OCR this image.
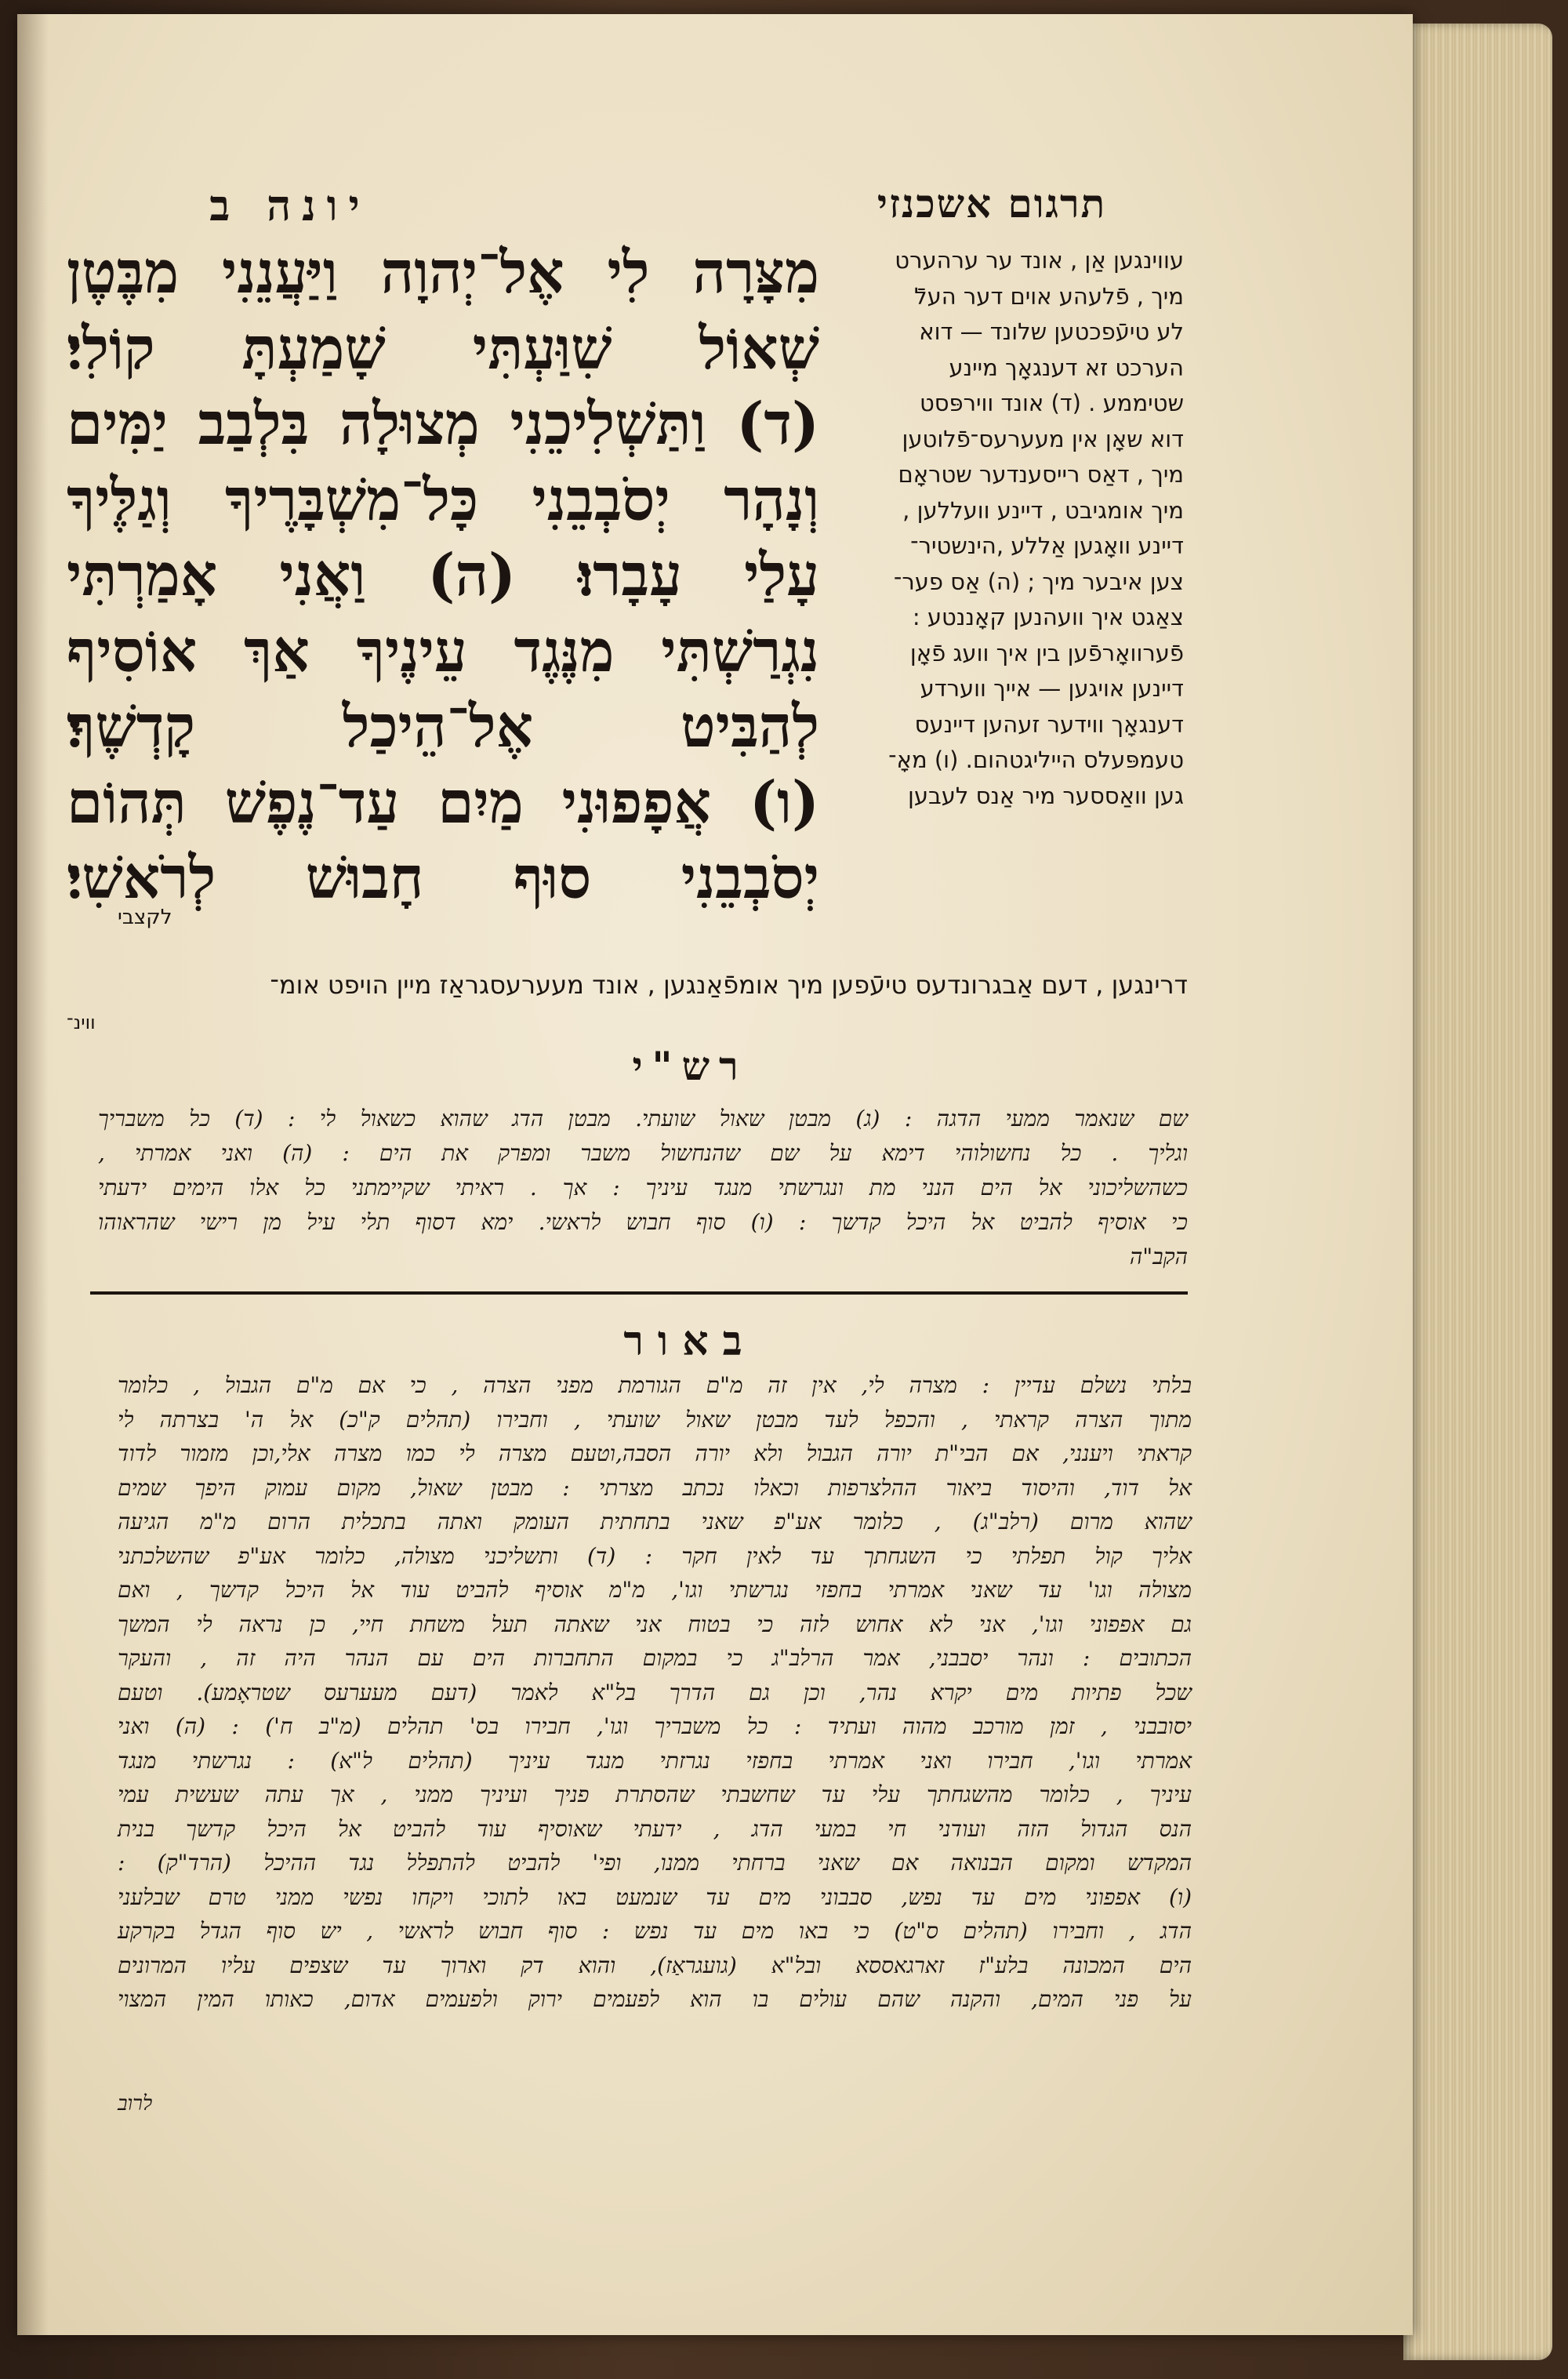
תרגום אשכנזי
יונה ב
עווינגען אַן , אונד ער ערהערט
מיך , פֿלעהע אוים דער העלֿ
לע טיעֿפכטען שלונד — דוא
הערכט זא דענגאָך מיינע
שטיממע . (ד) אונד ווירפּסט
דוא שאָן אין מעערעס־פֿלוטען
מיך , דאַס רייסענדער שטראָם
מיך אומגיבט , דיינע וועללען ,
דיינע וואָגען אַללע ,הינשטיר־
צען איבער מיך ; (ה) אַס פער־
צאַגט איך וועהנען קאָננטע :
פֿערוואָרפֿען בין איך וועג פֿאָן
דיינען אויגען — אייך ווערדע
דענגאָך ווידער זעהען דיינעס
טעמפּעלס הייליגטהום. (ו) מאָ־
גען וואַססער מיר אַנס לעבען
מִצָּרָה לִי אֶל־יְהוָה וַיַּעֲנֵנִי מִבֶּטֶן
שְׁאוֹל שִׁוַּעְתִּי שָׁמַעְתָּ קוֹלִי׃
(ד) וַתַּשְׁלִיכֵנִי מְצוּלָה בִּלְבַב יַמִּים
וְנָהָר יְסֹבְבֵנִי כָּל־מִשְׁבָּרֶיךָ וְגַלֶּיךָ
עָלַי עָבָרוּ׃ (ה) וַאֲנִי אָמַרְתִּי
נִגְרַשְׁתִּי מִנֶּגֶד עֵינֶיךָ אַךְ אוֹסִיף
לְהַבִּיט אֶל־הֵיכַל קָדְשֶׁךָ׃
(ו) אֲפָפוּנִי מַיִם עַד־נֶפֶשׁ תְּהוֹם
יְסֹבְבֵנִי סוּף חָבוּשׁ לְרֹאשִׁי׃
לקצבי
דרינגען , דעם אַבגרונדעס טיעֿפען מיך אומפֿאַנגען , אונד מעערעסגראַז מיין הויפט אומ־
ווינ־
רש"י
שם שנאמר ממעי הדגה : (ג) מבטן שאול שועתי. מבטן הדג שהוא כשאול לי : (ד) כל משבריך
וגליך . כל נחשולוהי דימא על שם שהנחשול משבר ומפרק את הים : (ה) ואני אמרתי ,
כשהשליכוני אל הים הנני מת ונגרשתי מנגד עיניך : אך . ראיתי שקיימתני כל אלו הימים ידעתי
כי אוסיף להביט אל היכל קדשך : (ו) סוף חבוש לראשי. ימא דסוף תלי עיל מן רישי שהראוהו
הקב"ה
באור
בלתי נשלם עדיין : מצרה לי, אין זה מ"ם הגורמת מפני הצרה , כי אם מ"ם הגבול , כלומר
מתוך הצרה קראתי , והכפל לעד מבטן שאול שועתי , וחבירו (תהלים ק"כ) אל ה' בצרתה לי
קראתי ויענני, אם הבי"ת יורה הגבול ולא יורה הסבה,וטעם מצרה לי כמו מצרה אלי,וכן מזמור לדוד
אל דוד, והיסוד ביאור ההלצרפות וכאלו נכתב מצרתי : מבטן שאול, מקום עמוק היפך שמים
שהוא מרום (רלב"ג) , כלומר אע"פ שאני בתחתית העומק ואתה בתכלית הרום מ"מ הגיעה
אליך קול תפלתי כי השגחתך עד לאין חקר : (ד) ותשליכני מצולה, כלומר אע"פ שהשלכתני
מצולה וגו' עד שאני אמרתי בחפזי נגרשתי וגו', מ"מ אוסיף להביט עוד אל היכל קדשך , ואם
גם אפפוני וגו', אני לא אחוש לזה כי בטוח אני שאתה תעל משחת חיי, כן נראה לי המשך
הכתובים : ונהר יסבבני, אמר הרלב"ג כי במקום התחברות הים עם הנהר היה זה , והעקר
שכל פתיות מים יקרא נהר, וכן גם הדרך בל"א לאמר (דעם מעערעס שטראָמע). וטעם
יסובבני , זמן מורכב מהוה ועתיד : כל משבריך וגו', חבירו בס' תהלים (מ"ב ח') : (ה) ואני
אמרתי וגו', חבירו ואני אמרתי בחפזי נגרזתי מנגד עיניך (תהלים ל"א) : נגרשתי מנגד
עיניך , כלומר מהשגחתך עלי עד שחשבתי שהסתרת פניך ועיניך ממני , אך עתה שעשית עמי
הנס הגדול הזה ועודני חי במעי הדג , ידעתי שאוסיף עוד להביט אל היכל קדשך בנית
המקדש ומקום הבנואה אם שאני ברחתי ממנו, ופי' להביט להתפלל נגד ההיכל (הרד"ק) :
(ו) אפפוני מים עד נפש, סבבוני מים עד שנמעט באו לתוכי ויקחו נפשי ממני טרם שבלעני
הדג , וחבירו (תהלים ס"ט) כי באו מים עד נפש : סוף חבוש לראשי , יש סוף הגדל בקרקע
הים המכונה בלע"ז זארגאססא ובל"א (גועגראַז), והוא דק וארוך עד שצפים עליו המרונים
על פני המים, והקנה שהם עולים בו הוא לפעמים ירוק ולפעמים אדום, כאותו המין המצוי
לרוב
